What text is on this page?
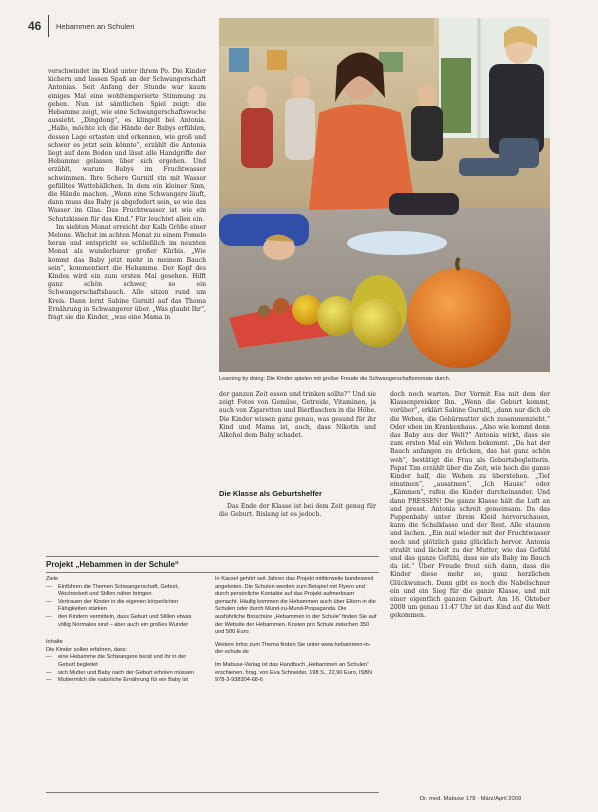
46 Hebammen an Schulen

verschwindet im Kleid unter ihrem Po. Die Kinder kichern und lassen Spaß an der Schwangerschaft Antonias. Seit Anfang der Stunde war kaum einiges Mal eine wohltemperierte Stimmung zu gehen. Nun ist sämtlichen Spiel zeigt: die Hebamme zeigt, wie eine Schwangerschaftswoche aussieht. „Dingdong“, es klingelt bei Antonia. „Hallo, möchte ich die Hände der Babys erfühlen, dessen Lage ertasten und erkennen, wie groß und schwer es jetzt sein könnte“, erzählt die Antonia liegt auf dem Boden und lässt alle Handgriffe der Hebamme gelassen über sich ergehen. Und erzählt, warum Babys im Fruchtwasser schwimmen. Ihre Schere Gurnitl vin mit Wasser gefülltes Wattebällchen. In dem ein kleiner Sinn, die Hände machen. „Wenn eine Schwangere läuft, dann muss das Baby ja abgefedert sein, so wie das Wasser im Glas. Das Fruchtwasser ist wie ein Schutzkissen für das Kind.“ Für leuchtet allen ein.

Im siebten Monat erreicht der Kalb Größe einer Melone. Wächst im achten Monat zu einem Pomelo heran und entspricht es schließlich im neunten Monat als wunderbarer großer Kürbis. „Wie kommt das Baby jetzt mehr in meinem Bauch sein“, kommentiert die Hebamme. Der Kopf des Kindes wird ein zum ersten Mal gesehen. Hilft ganz schön schwer, so ein Schwangerschaftsbauch. Alle sitzen rund um Kreis. Dann lernt Sabine Gurnitl auf das Thema Ernährung in Schwangerer über. „Was glaubt Ihr“, fragt sie die Kinder, „was eine Mama in

Learning by doing: Die Kinder spielen mit großer Freude die Schwangerschaftsmonate durch.

der ganzen Zeit essen und trinken sollte?“ Und sie zeigt Fotos von Gemüse, Getreide, Vitaminen, ja auch von Zigaretten und Bierflaschen in die Höhe. Die Kinder wissen ganz genau, was gesund für ihr Kind und Mama ist, auch, dass Nikotin und Alkohol dem Baby schadet.

Die Klasse als Geburtshelfer

Das Ende der Klasse ist bei dem Zeit genug für die Geburt. Bislang ist es jedoch.

doch noch warten. Der Vormit Ess mit dem der Klassenpreisker Ihn. „Wenn die Geburt kommt, vorüber“, erklärt Sabine Gurnitl, „dann nur dich ob die Wehen, die Gebärmutter sich zusammenzieht.“ Oder eben im Krankenhaus. „Also wie kommt denn das Baby aus der Welt?“ Antonia wirkt, dass sie zum ersten Mal ein Wehen bekommt. „Da hat der Bauch anfangen zu drücken, das hat ganz schön weh“, bestätigt die Frau als Geburtsbegleiterin. Papst Tim erzählt über die Zeit, wie hoch die ganze Kinder half, die Wehen zu überstehen. „Tief einatmen“, „ausatmen“, „Ich Hause“ oder „Kämmen“, rufen die Kinder durcheinander. Und dann PRESSEN! Die ganze Klasse hält die Luft an und presst. Antonia schreit gemeinsam. Da das Puppenbaby unter ihrem Kleid hervorschauen, kann die Schulklasse und der Rest. Alle staunen und lachen. „Ein mal wieder mit der Fruchtwasser noch und plötzlich ganz glücklich hervor. Antonia strahlt und lächelt zu der Mutter, wie das Gefühl und das ganze Gefühl, dass sie als Baby im Bauch da ist.“ Über Freude freut sich dann, dass die Kinder diese mehr so, ganz herzlichen Glückwunsch. Dann gibt es noch die Nabelschnur ein und ein Sieg für die ganze Klasse, und mit einer eigentlich ganzen Geburt. Am 16. Oktober 2008 um genau 11:47 Uhr ist das Kind auf die Welt gekommen.

Projekt „Hebammen in der Schule“
Ziele
— Einführen die Themen Schwangerschaft, Geburt, Wochenbett und Stillen näher bringen
— Vertrauen der Kinder in die eigenen körperlichen Fähigkeiten stärken
— den Kindern vermitteln, dass Geburt und Stillen etwas völlig Normales sind – aber auch ein großes Wunder
Inhalte
Die Kinder sollen erfahren, dass:
— eine Hebamme die Schwangere berät und ihr in der Geburt begleitet
— sich Mutter und Baby nach der Geburt erholen müssen
— Muttermilch die natürliche Ernährung für ein Baby ist
In Kassel gehört seit Jahren das Projekt mittlerweile bundesweit angeboten. Die Schulen werden zum Beispiel mit Flyern und durch persönliche Kontakte auf das Projekt aufmerksam gemacht. Häufig kommen die Hebammen auch über Eltern in die Schulen oder durch Mund-zu-Mund-Propaganda. Die ausführliche Broschüre „Hebammen in der Schule“ finden Sie auf der Website der Hebammen. Kosten pro Schule zwischen 350 und 500 Euro.
Weitere Infos zum Thema finden Sie unter www.hebammen-in-der-schule.de
Im Mabuse-Verlag ist das Handbuch „Hebammen an Schulen“ erschienen, hrsg. von Eva Schneider, 198 S., 22,90 Euro, ISBN 978-3-938304-68-6
Dr. med. Mabuse 178 · März/April 2009
